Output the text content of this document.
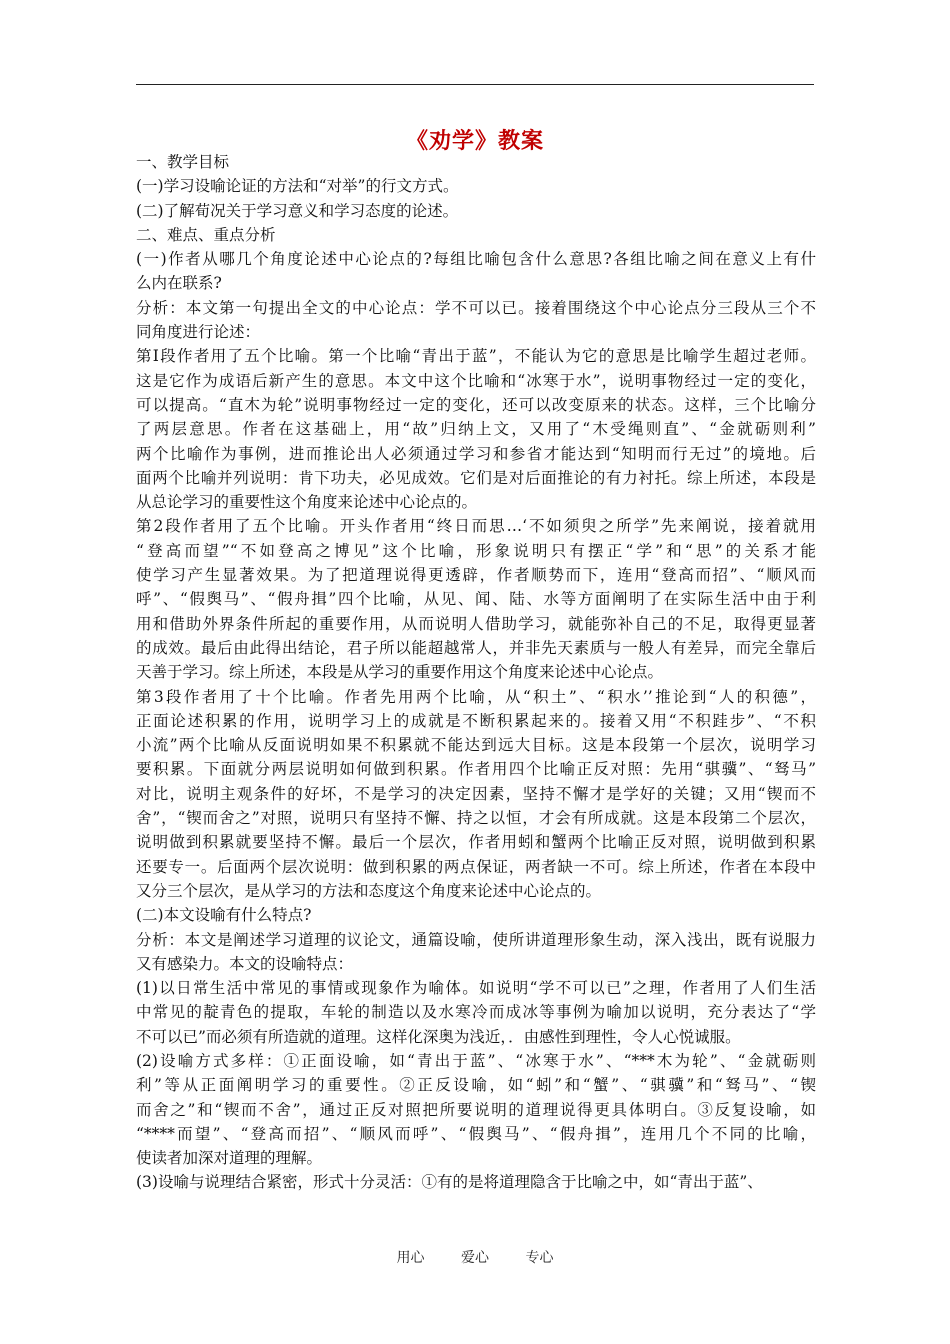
《劝学》教案
一、教学目标
(一)学习设喻论证的方法和“对举”的行文方式。
(二)了解荀况关于学习意义和学习态度的论述。
二、难点、重点分析
(一)作者从哪几个角度论述中心论点的?每组比喻包含什么意思?各组比喻之间在意义上有什
么内在联系?
分析：本文第一句提出全文的中心论点：学不可以已。接着围绕这个中心论点分三段从三个不
同角度进行论述：
第Ⅰ段作者用了五个比喻。第一个比喻“青出于蓝”，不能认为它的意思是比喻学生超过老师。
这是它作为成语后新产生的意思。本文中这个比喻和“冰寒于水”，说明事物经过一定的变化，
可以提高。“直木为轮”说明事物经过一定的变化，还可以改变原来的状态。这样，三个比喻分
了两层意思。作者在这基础上，用“故”归纳上文，又用了“木受绳则直”、“金就砺则利”
两个比喻作为事例，进而推论出人必须通过学习和参省才能达到“知明而行无过”的境地。后
面两个比喻并列说明：肯下功夫，必见成效。它们是对后面推论的有力衬托。综上所述，本段是
从总论学习的重要性这个角度来论述中心论点的。
第2段作者用了五个比喻。开头作者用“终日而思…‘不如须臾之所学”先来阐说，接着就用
“登高而望”“不如登高之博见”这个比喻，形象说明只有摆正“学”和“思”的关系才能
使学习产生显著效果。为了把道理说得更透辟，作者顺势而下，连用“登高而招”、“顺风而
呼”、“假舆马”、“假舟揖”四个比喻，从见、闻、陆、水等方面阐明了在实际生活中由于利
用和借助外界条件所起的重要作用，从而说明人借助学习，就能弥补自己的不足，取得更显著
的成效。最后由此得出结论，君子所以能超越常人，并非先天素质与一般人有差异，而完全靠后
天善于学习。综上所述，本段是从学习的重要作用这个角度来论述中心论点。
第3段作者用了十个比喻。作者先用两个比喻，从“积土”、“积水’’推论到“人的积德”，
正面论述积累的作用，说明学习上的成就是不断积累起来的。接着又用“不积跬步”、“不积
小流”两个比喻从反面说明如果不积累就不能达到远大目标。这是本段第一个层次，说明学习
要积累。下面就分两层说明如何做到积累。作者用四个比喻正反对照：先用“骐骥”、“驽马”
对比，说明主观条件的好坏，不是学习的决定因素，坚持不懈才是学好的关键；又用“锲而不
舍”，“锲而舍之”对照，说明只有坚持不懈、持之以恒，才会有所成就。这是本段第二个层次，
说明做到积累就要坚持不懈。最后一个层次，作者用蚓和蟹两个比喻正反对照，说明做到积累
还要专一。后面两个层次说明：做到积累的两点保证，两者缺一不可。综上所述，作者在本段中
又分三个层次，是从学习的方法和态度这个角度来论述中心论点的。
(二)本文设喻有什么特点?
分析：本文是阐述学习道理的议论文，通篇设喻，使所讲道理形象生动，深入浅出，既有说服力
又有感染力。本文的设喻特点：
(1)以日常生活中常见的事情或现象作为喻体。如说明“学不可以已”之理，作者用了人们生活
中常见的靛青色的提取，车轮的制造以及水寒冷而成冰等事例为喻加以说明，充分表达了“学
不可以已”而必须有所造就的道理。这样化深奥为浅近，．由感性到理性，令人心悦诚服。
(2)设喻方式多样：①正面设喻，如“青出于蓝”、“冰寒于水”、“***木为轮”、“金就砺则
利”等从正面阐明学习的重要性。②正反设喻，如“蚓”和“蟹”、“骐骥”和“驽马”、“锲
而舍之”和“锲而不舍”，通过正反对照把所要说明的道理说得更具体明白。③反复设喻，如
“****而望”、“登高而招”、“顺风而呼”、“假舆马”、“假舟揖”，连用几个不同的比喻，
使读者加深对道理的理解。
(3)设喻与说理结合紧密，形式十分灵活：①有的是将道理隐含于比喻之中，如“青出于蓝”、
用心	爱心	专心
